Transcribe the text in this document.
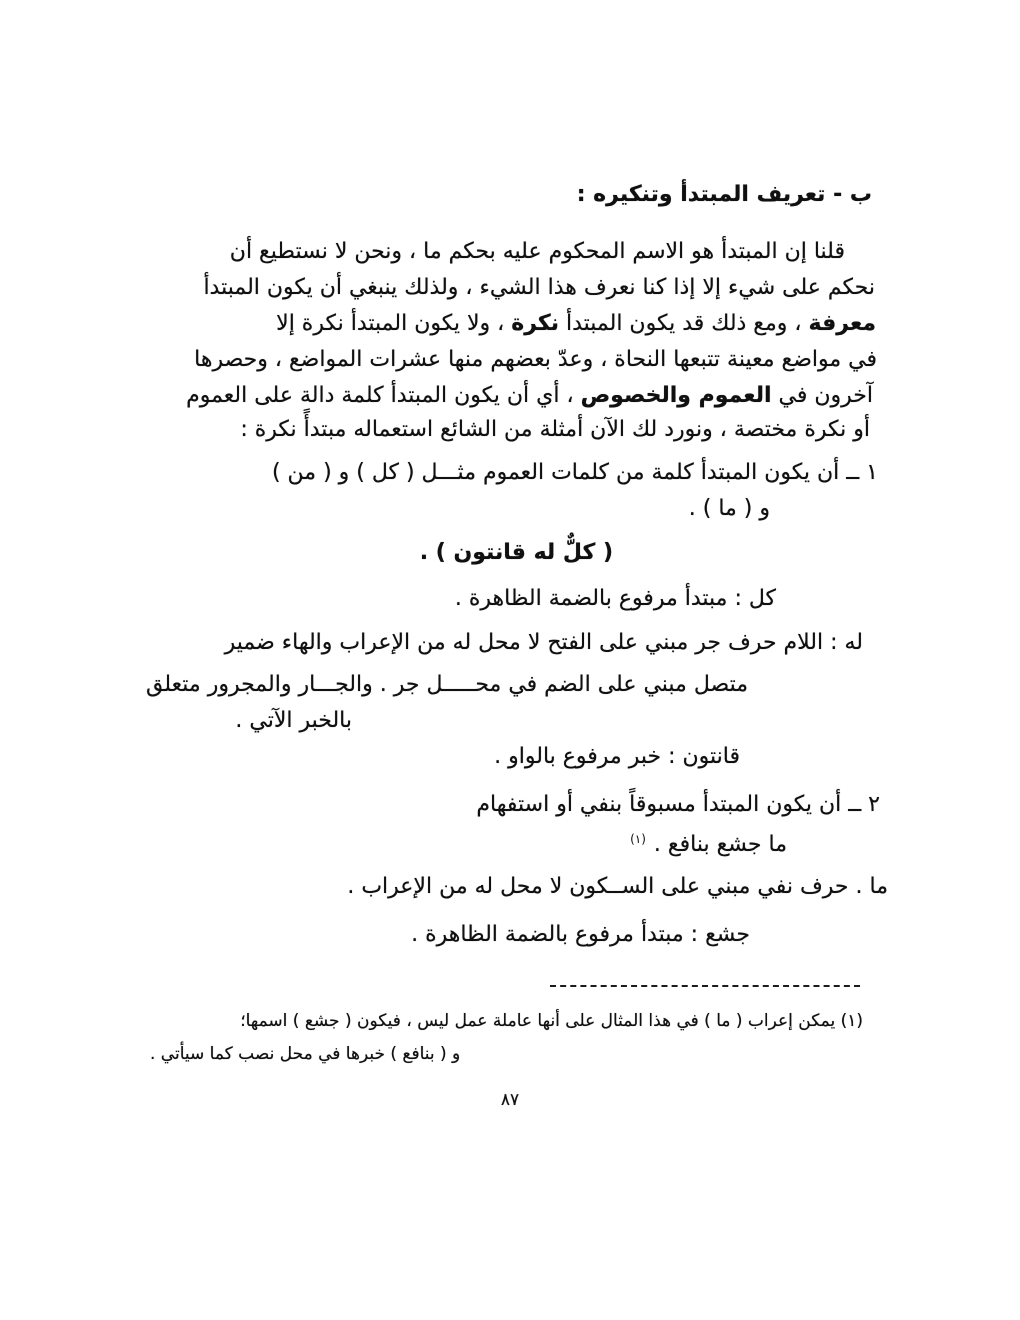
ب - تعريف المبتدأ وتنكيره :
قلنا إن المبتدأ هو الاسم المحكوم عليه بحكم ما ، ونحن لا نستطيع أن
نحكم على شيء إلا إذا كنا نعرف هذا الشيء ، ولذلك ينبغي أن يكون المبتدأ
معرفة ، ومع ذلك قد يكون المبتدأ نكرة ، ولا يكون المبتدأ نكرة إلا
في مواضع معينة تتبعها النحاة ، وعدّ بعضهم منها عشرات المواضع ، وحصرها
آخرون في العموم والخصوص ، أي أن يكون المبتدأ كلمة دالة على العموم
أو نكرة مختصة ، ونورد لك الآن أمثلة من الشائع استعماله مبتدأً نكرة :
١ ــ أن يكون المبتدأ كلمة من كلمات العموم مثـــل ( كل ) و ( من )
و ( ما ) .
( كلٌّ له قانتون ) .
كل : مبتدأ مرفوع بالضمة الظاهرة .
له : اللام حرف جر مبني على الفتح لا محل له من الإعراب والهاء ضمير
متصل مبني على الضم في محـــــل جر . والجـــار والمجرور متعلق
بالخبر الآتي .
قانتون : خبر مرفوع بالواو .
٢ ــ أن يكون المبتدأ مسبوقاً بنفي أو استفهام
ما جشع بنافع .$^{(١)}$
ما . حرف نفي مبني على الســكون لا محل له من الإعراب .
جشع : مبتدأ مرفوع بالضمة الظاهرة .
(١) يمكن إعراب ( ما ) في هذا المثال على أنها عاملة عمل ليس ، فيكون ( جشع ) اسمها؛
و ( بنافع ) خبرها في محل نصب كما سيأتي .
٨٧
